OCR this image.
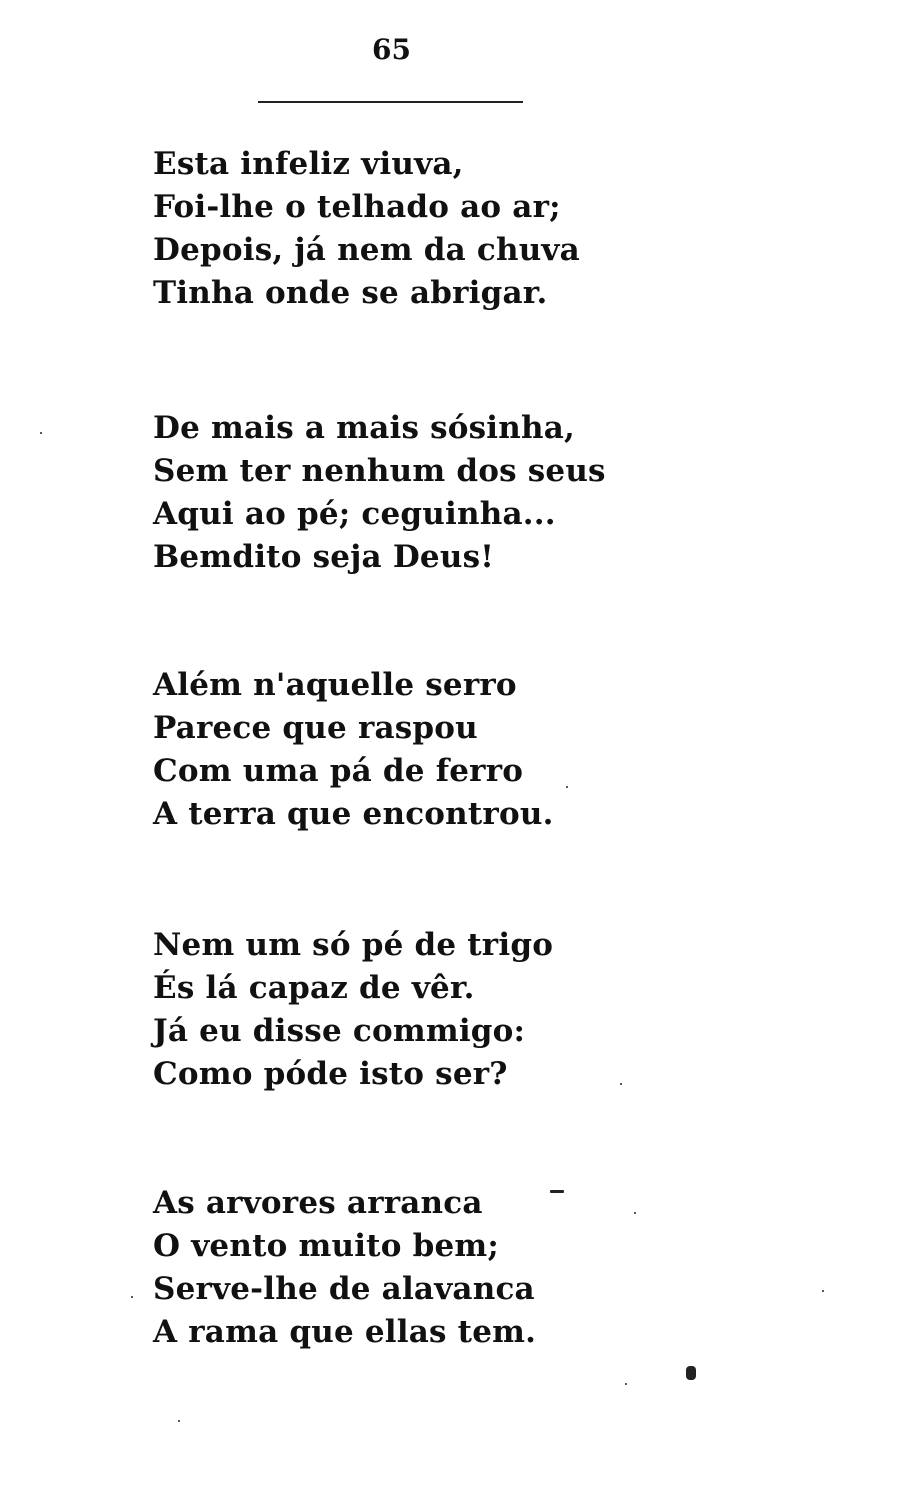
65
Esta infeliz viuva,
Foi-lhe o telhado ao ar;
Depois, já nem da chuva
Tinha onde se abrigar.
De mais a mais sósinha,
Sem ter nenhum dos seus
Aqui ao pé; ceguinha...
Bemdito seja Deus!
Além n'aquelle serro
Parece que raspou
Com uma pá de ferro
A terra que encontrou.
Nem um só pé de trigo
És lá capaz de vêr.
Já eu disse commigo:
Como póde isto ser?
As arvores arranca
O vento muito bem;
Serve-lhe de alavanca
A rama que ellas tem.
